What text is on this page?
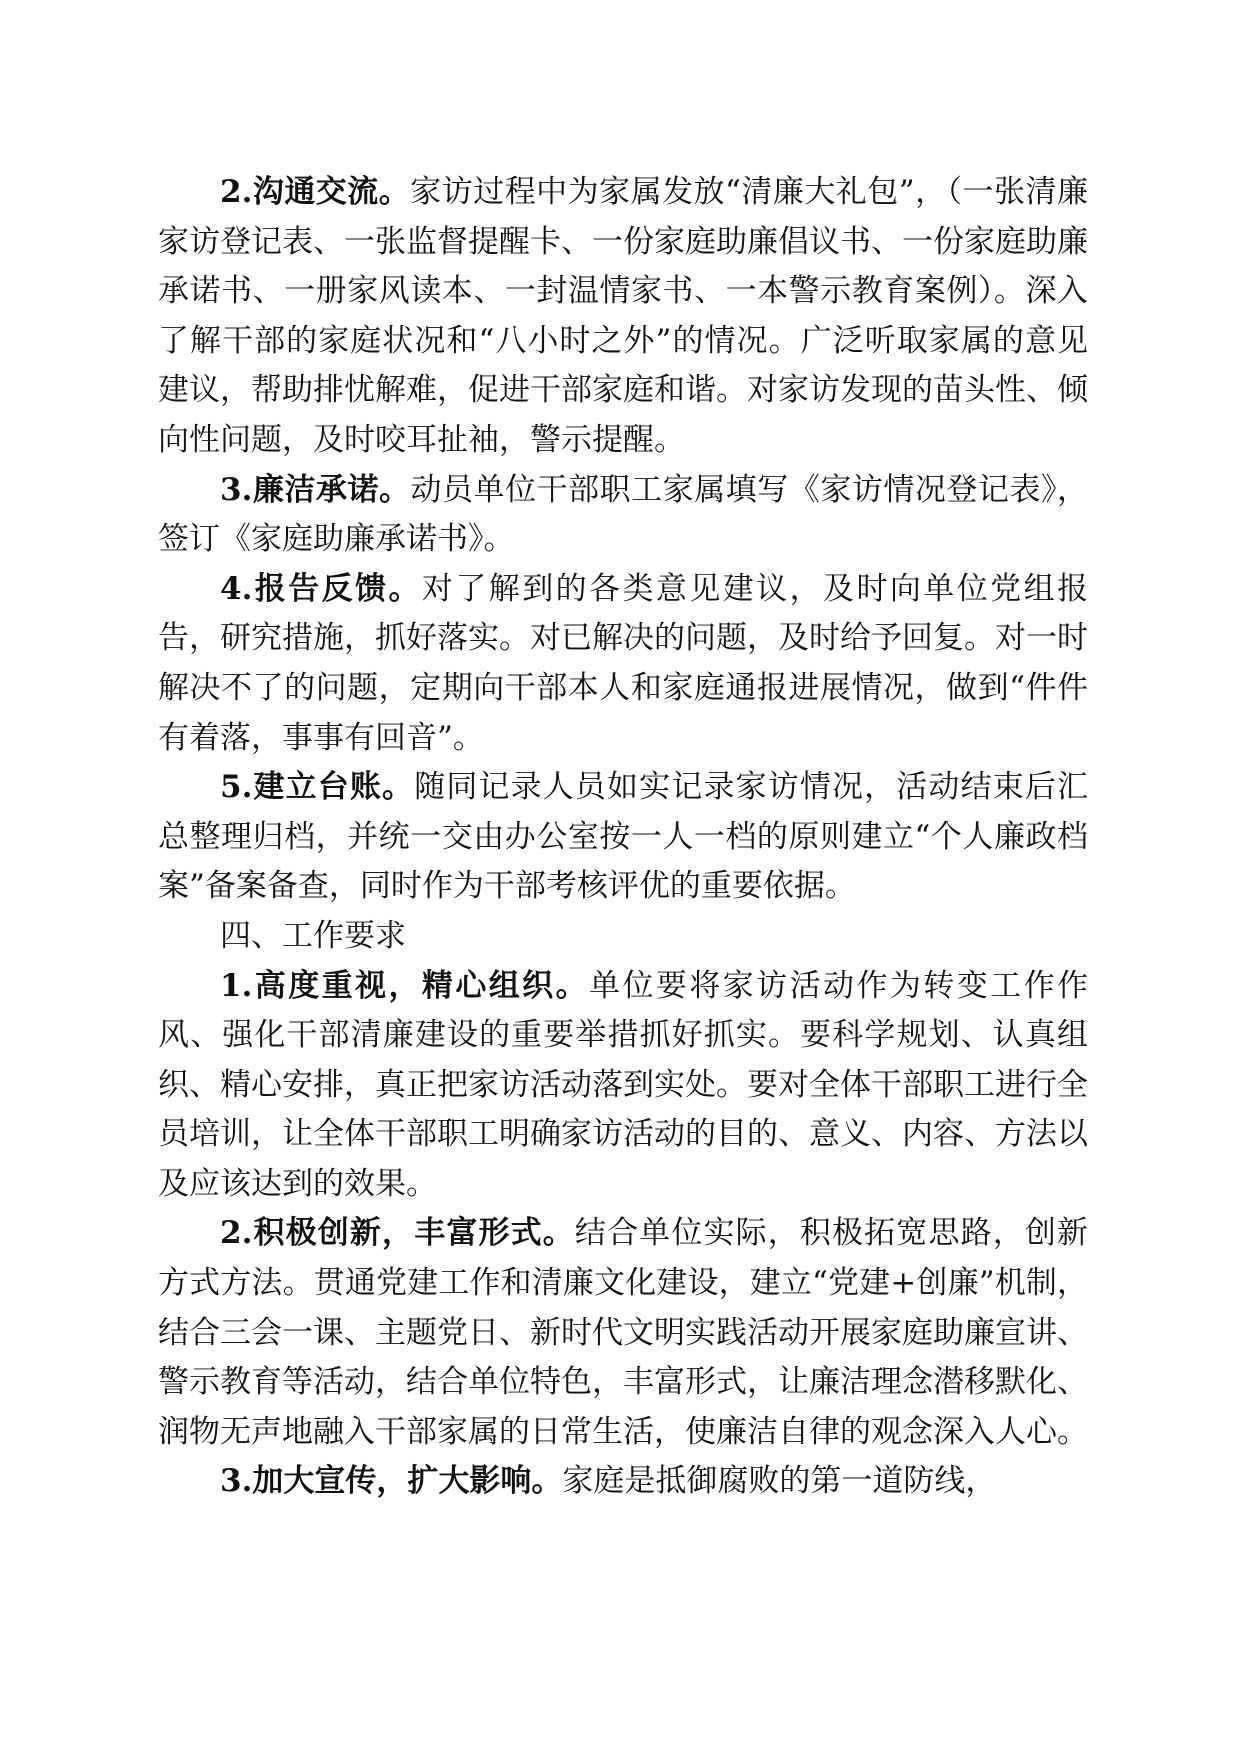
2.沟通交流。家访过程中为家属发放“清廉大礼包”，（一张清廉家访登记表、一张监督提醒卡、一份家庭助廉倡议书、一份家庭助廉承诺书、一册家风读本、一封温情家书、一本警示教育案例）。深入了解干部的家庭状况和“八小时之外”的情况。广泛听取家属的意见建议，帮助排忧解难，促进干部家庭和谐。对家访发现的苗头性、倾向性问题，及时咬耳扯袖，警示提醒。

3.廉洁承诺。动员单位干部职工家属填写《家访情况登记表》，签订《家庭助廉承诺书》。

4.报告反馈。对了解到的各类意见建议，及时向单位党组报告，研究措施，抓好落实。对已解决的问题，及时给予回复。对一时解决不了的问题，定期向干部本人和家庭通报进展情况，做到“件件有着落，事事有回音”。

5.建立台账。随同记录人员如实记录家访情况，活动结束后汇总整理归档，并统一交由办公室按一人一档的原则建立“个人廉政档案”备案备查，同时作为干部考核评优的重要依据。

四、工作要求

1.高度重视，精心组织。单位要将家访活动作为转变工作作风、强化干部清廉建设的重要举措抓好抓实。要科学规划、认真组织、精心安排，真正把家访活动落到实处。要对全体干部职工进行全员培训，让全体干部职工明确家访活动的目的、意义、内容、方法以及应该达到的效果。

2.积极创新，丰富形式。结合单位实际，积极拓宽思路，创新方式方法。贯通党建工作和清廉文化建设，建立“党建+创廉”机制，结合三会一课、主题党日、新时代文明实践活动开展家庭助廉宣讲、警示教育等活动，结合单位特色，丰富形式，让廉洁理念潜移默化、润物无声地融入干部家属的日常生活，使廉洁自律的观念深入人心。

3.加大宣传，扩大影响。家庭是抵御腐败的第一道防线，
